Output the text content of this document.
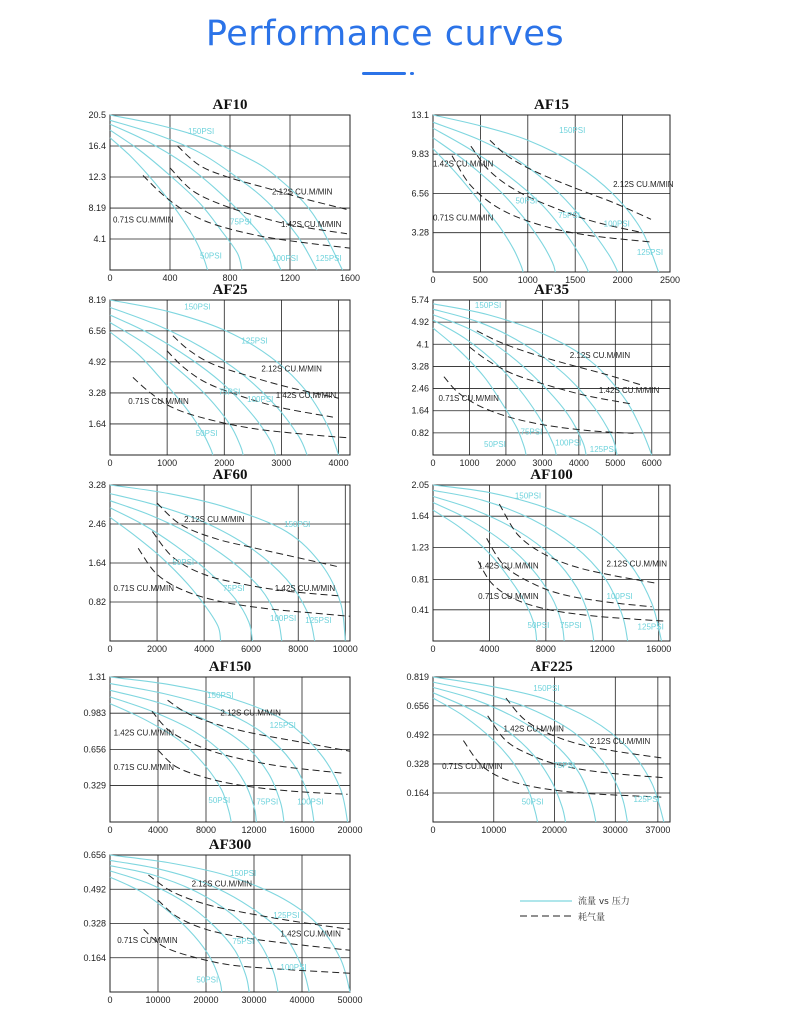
Performance curves
AF10
4.1
8.19
12.3
16.4
20.5
0	400	800	1200	1600
150PSI
75PSI
50PSI	100PSI 125PSI
2.12S CU.M/MIN
1.42S CU.M/MIN
0.71S CU.M/MIN
AF15
3.28
6.56
9.83
13.1
0	500	1000	1500	2000	2500
150PSI
50PSI
75PSI
100PSI
125PSI
2.12S CU.M/MIN
1.42S CU.M/MIN
0.71S CU.M/MIN
AF25
1.64
3.28
4.92
6.56
8.19
0	1000	2000	3000	4000
150PSI
125PSI
75PSI
100PSI
50PSI
2.12S CU.M/MIN
1.42S CU.M/MIN
0.71S CU.M/MIN
AF35
0.82
1.64
2.46
3.28
4.1
4.92
5.74
0	1000 2000 3000 4000 5000 6000
150PSI
75PSI
50PSI	100PSI
125PSI
2.12S CU.M/MIN
1.42S CU.M/MIN
0.71S CU.M/MIN
AF60
0.82
1.64
2.46
3.28
0	2000	4000	6000	8000	10000
150PSI
50PSI
75PSI
100PSI 125PSI
2.12S CU.M/MIN
1.42S CU.M/MIN
0.71S CU.M/MIN
AF100
0.41
0.81
1.23
1.64
2.05
0	4000	8000	12000	16000
150PSI
100PSI
50PSI 75PSI	125PSI
2.12S CU.M/MIN
1.42S CU.M/MIN
0.71S CU.M/MIN
AF150
0.329
0.656
0.983
1.31
0	4000	8000	12000	16000	20000
150PSI
125PSI
50PSI	75PSI 100PSI
2.12S CU.M/MIN
1.42S CU.M/MIN
0.71S CU.M/MIN
AF225
0.164
0.328
0.492
0.656
0.819
0	10000	20000	30000 37000
150PSI
75PSI
125PSI
50PSI
2.12S CU.M/MIN
1.42S CU.M/MIN
0.71S CU.M/MIN
AF300
0.164
0.328
0.492
0.656
0	10000	20000	30000	40000	50000
150PSI
125PSI
75PSI
100PSI
50PSI
2.12S CU.M/MIN
1.42S CU.M/MIN
0.71S CU.M/MIN
流量 vs 压力
耗气量
